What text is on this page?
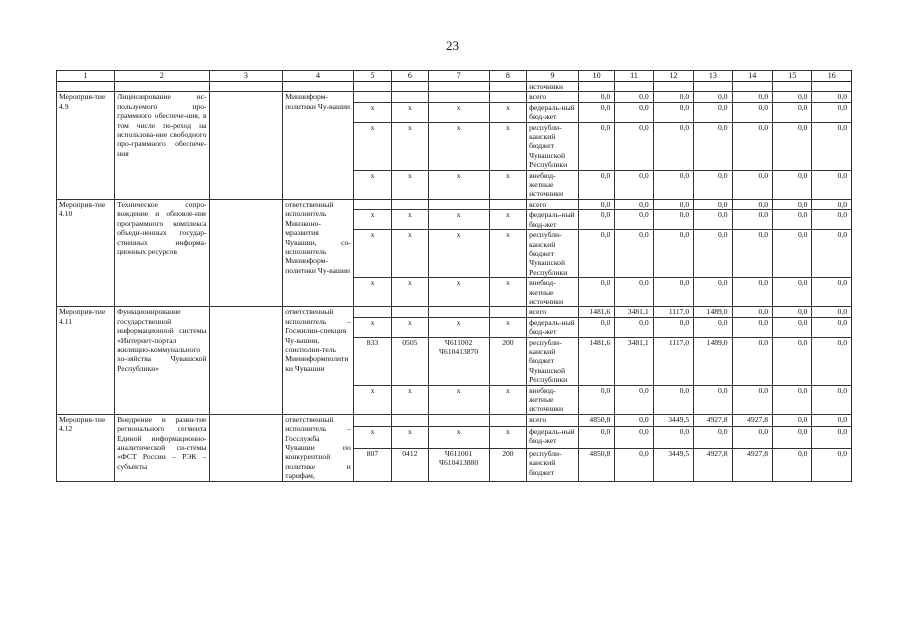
23
1	2	3	4	5	6	7	8	9	10	11	12	13	14	15	16
								источники							
Мероприя-тие 4.9	Лицензирование ис-пользуемого про-граммного обеспече-ния, в том числе пе-реход на использова-ние свободного про-граммного обеспече-ния		Мининформ-политики Чу-вашии					всего	0,0	0,0	0,0	0,0	0,0	0,0	0,0
				x	x	x	x	федераль-ный бюд-жет	0,0	0,0	0,0	0,0	0,0	0,0	0,0
				x	x	x	x	республи-канский бюджет Чувашской Республики	0,0	0,0	0,0	0,0	0,0	0,0	0,0
				x	x	x	x	внебюд-жетные источники	0,0	0,0	0,0	0,0	0,0	0,0	0,0
Мероприя-тие 4.10	Техническое сопро-вождение и обновле-ние программного комплекса объеди-ненных государ-ственных информа-ционных ресурсов		ответственный исполнитель Минэконо-мразвития Чувашии, со-исполнитель Мининформ-политики Чу-вашии					всего	0,0	0,0	0,0	0,0	0,0	0,0	0,0
				x	x	x	x	федераль-ный бюд-жет	0,0	0,0	0,0	0,0	0,0	0,0	0,0
				x	x	x	x	республи-канский бюджет Чувашской Республики	0,0	0,0	0,0	0,0	0,0	0,0	0,0
				x	x	x	x	внебюд-жетные источники	0,0	0,0	0,0	0,0	0,0	0,0	0,0
Мероприя-тие 4.11	Функционирование государственной информационной системы «Интернет-портал жилищно-коммунального хо-зяйства Чувашской Республики»		ответственный исполнитель – Госжилин-спекция Чу-вашии, соисполни-тель Мининформполитики Чувашии					всего	1481,6	3481,1	1117,0	1489,0	0,0	0,0	0,0
				x	x	x	x	федераль-ный бюд-жет	0,0	0,0	0,0	0,0	0,0	0,0	0,0
				833	0505	Ч611002 Ч610413870	200	республи-канский бюджет Чувашской Республики	1481,6	3481,1	1117,0	1489,0	0,0	0,0	0,0
				x	x	x	x	внебюд-жетные источники	0,0	0,0	0,0	0,0	0,0	0,0	0,0
Мероприя-тие 4.12	Внедрение и разви-тие регионального сегмента Единой информационно-аналитической си-стемы «ФСТ России – РЭК – субъекты		ответственный исполнитель – Госслужба Чувашии по конкурентной политике и тарифам,					всего	4850,8	0,0	3449,5	4927,8	4927,8	0,0	0,0
				x	x	x	x	федераль-ный бюд-жет	0,0	0,0	0,0	0,0	0,0	0,0	0,0
				807	0412	Ч611001 Ч610413880	200	республи-канский бюджет	4850,8	0,0	3449,5	4927,8	4927,8	0,0	0,0
